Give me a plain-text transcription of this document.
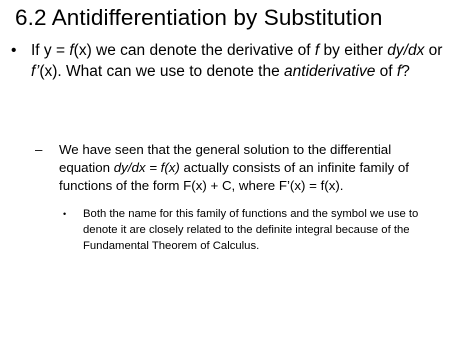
6.2 Antidifferentiation by Substitution
• If y = f(x) we can denote the derivative of f by either dy/dx or f’(x). What can we use to denote the antiderivative of f?
– We have seen that the general solution to the differential equation dy/dx = f(x) actually consists of an infinite family of functions of the form F(x) + C, where F’(x) = f(x).
• Both the name for this family of functions and the symbol we use to denote it are closely related to the definite integral because of the Fundamental Theorem of Calculus.
